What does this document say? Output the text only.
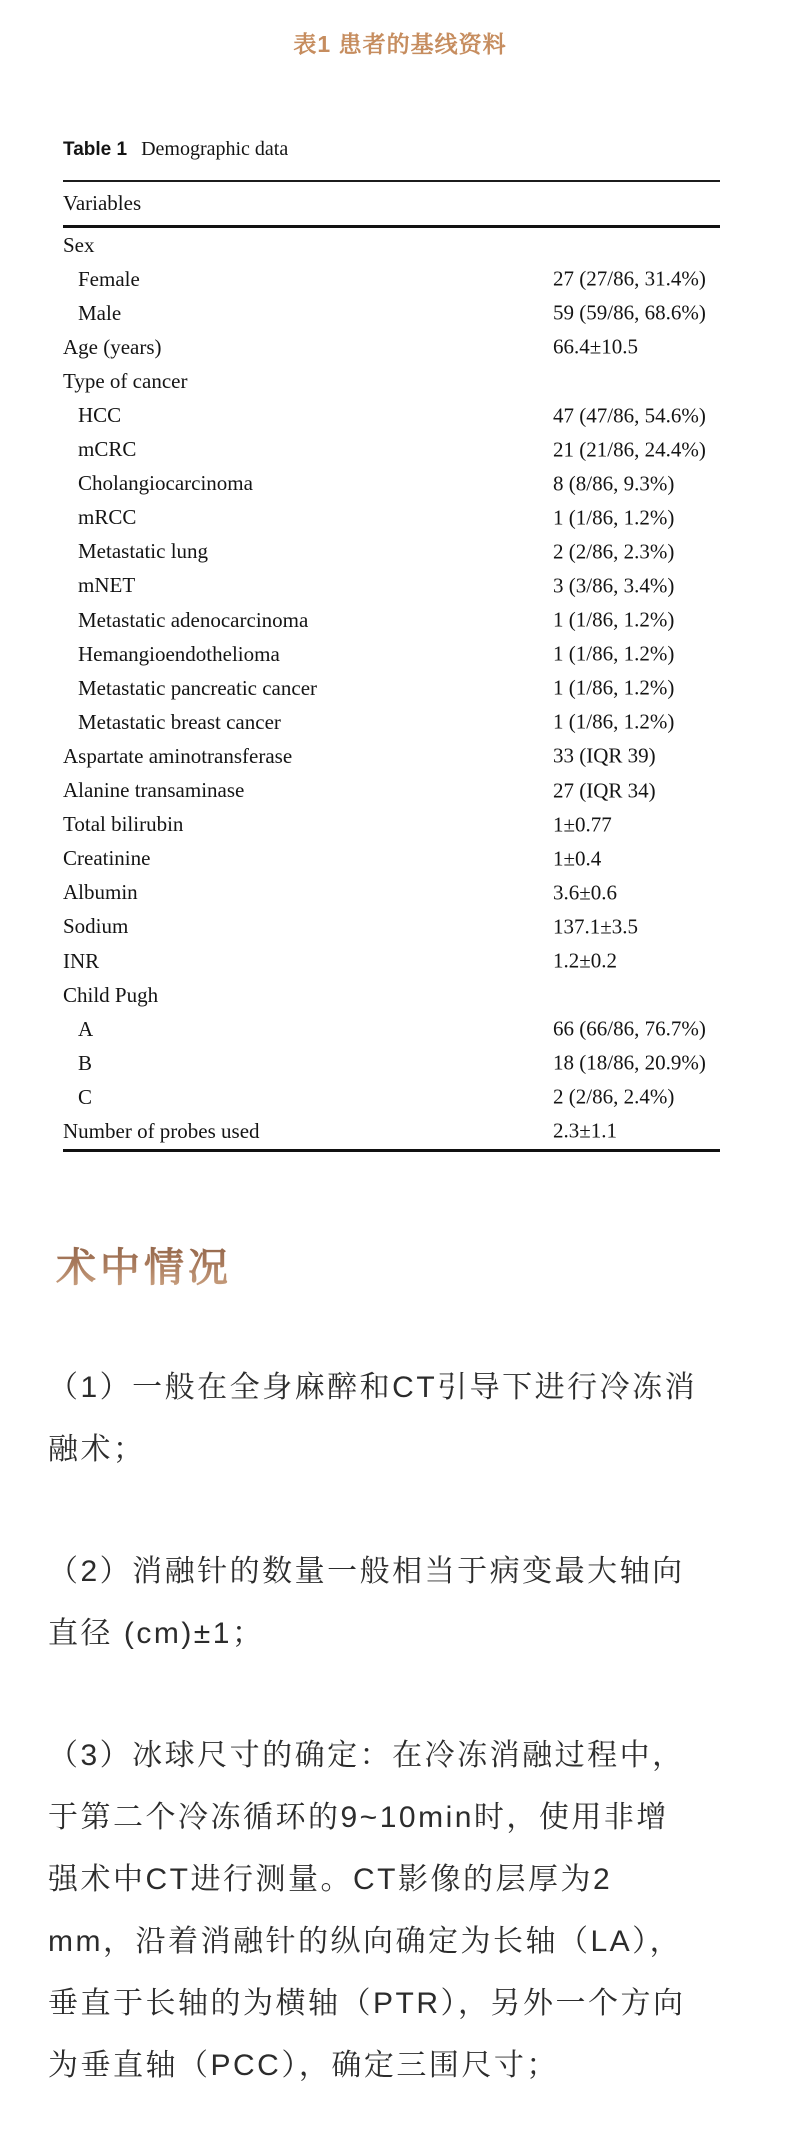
表1 患者的基线资料
Table 1 Demographic data
Variables
Sex
Female	27 (27/86, 31.4%)
Male	59 (59/86, 68.6%)
Age (years)	66.4±10.5
Type of cancer
HCC	47 (47/86, 54.6%)
mCRC	21 (21/86, 24.4%)
Cholangiocarcinoma	8 (8/86, 9.3%)
mRCC	1 (1/86, 1.2%)
Metastatic lung	2 (2/86, 2.3%)
mNET	3 (3/86, 3.4%)
Metastatic adenocarcinoma	1 (1/86, 1.2%)
Hemangioendothelioma	1 (1/86, 1.2%)
Metastatic pancreatic cancer	1 (1/86, 1.2%)
Metastatic breast cancer	1 (1/86, 1.2%)
Aspartate aminotransferase	33 (IQR 39)
Alanine transaminase	27 (IQR 34)
Total bilirubin	1±0.77
Creatinine	1±0.4
Albumin	3.6±0.6
Sodium	137.1±3.5
INR	1.2±0.2
Child Pugh
A	66 (66/86, 76.7%)
B	18 (18/86, 20.9%)
C	2 (2/86, 2.4%)
Number of probes used	2.3±1.1
术中情况
（1）一般在全身麻醉和CT引导下进行冷冻消
融术；
（2）消融针的数量一般相当于病变最大轴向
直径 (cm)±1；
（3）冰球尺寸的确定：在冷冻消融过程中，
于第二个冷冻循环的9~10min时，使用非增
强术中CT进行测量。CT影像的层厚为2
mm，沿着消融针的纵向确定为长轴（LA），
垂直于长轴的为横轴（PTR），另外一个方向
为垂直轴（PCC），确定三围尺寸；
